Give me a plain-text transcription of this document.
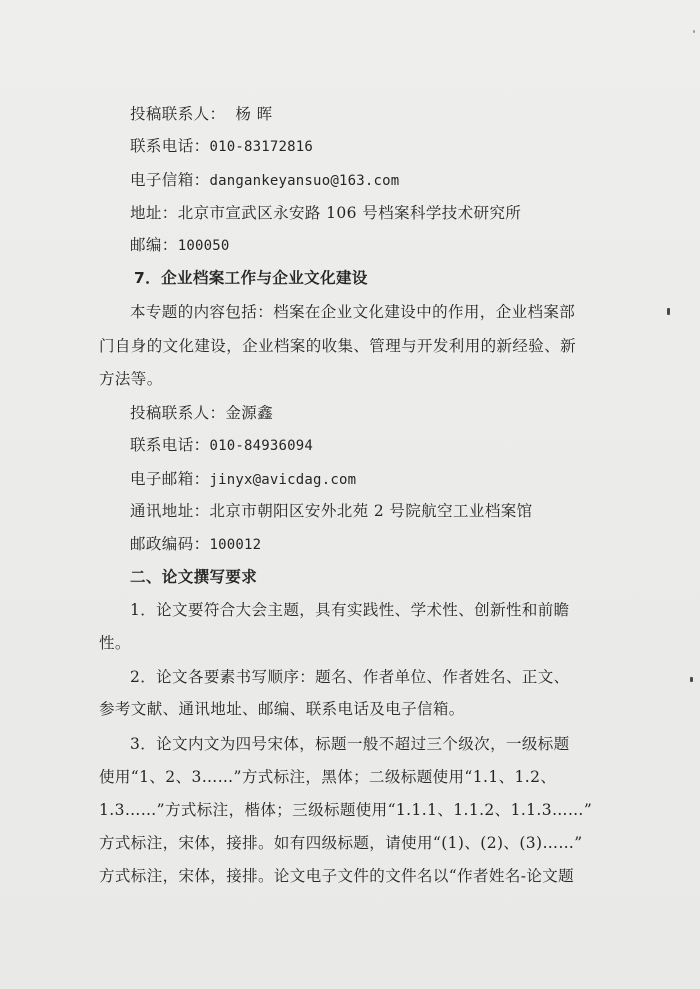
投稿联系人： 杨 晖
联系电话：010-83172816
电子信箱：dangankeyansuo@163.com
地址：北京市宣武区永安路 106 号档案科学技术研究所
邮编：100050
7．企业档案工作与企业文化建设
本专题的内容包括：档案在企业文化建设中的作用，企业档案部
门自身的文化建设，企业档案的收集、管理与开发利用的新经验、新
方法等。
投稿联系人：金源鑫
联系电话：010-84936094
电子邮箱：jinyx@avicdag.com
通讯地址：北京市朝阳区安外北苑 2 号院航空工业档案馆
邮政编码：100012
二、论文撰写要求
1．论文要符合大会主题，具有实践性、学术性、创新性和前瞻
性。
2．论文各要素书写顺序：题名、作者单位、作者姓名、正文、
参考文献、通讯地址、邮编、联系电话及电子信箱。
3．论文内文为四号宋体，标题一般不超过三个级次，一级标题
使用“1、2、3……”方式标注，黑体；二级标题使用“1.1、1.2、
1.3……”方式标注，楷体；三级标题使用“1.1.1、1.1.2、1.1.3……”
方式标注，宋体，接排。如有四级标题，请使用“(1)、(2)、(3)……”
方式标注，宋体，接排。论文电子文件的文件名以“作者姓名-论文题
